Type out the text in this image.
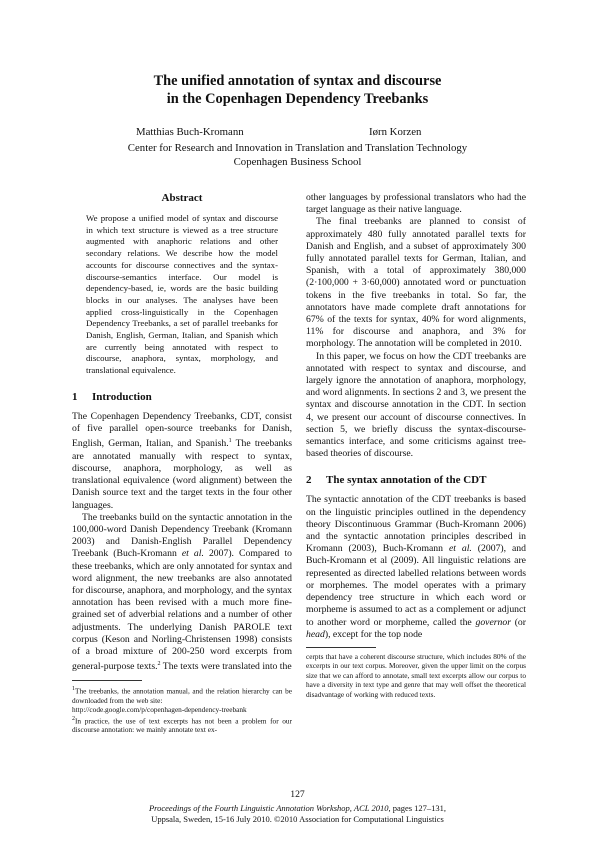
The unified annotation of syntax and discourse
in the Copenhagen Dependency Treebanks
Matthias Buch-Kromann	Iørn Korzen
Center for Research and Innovation in Translation and Translation Technology
Copenhagen Business School
Abstract

We propose a unified model of syntax and discourse in which text structure is viewed as a tree structure augmented with anaphoric relations and other secondary relations. We describe how the model accounts for discourse connectives and the syntax-discourse-semantics interface. Our model is dependency-based, ie, words are the basic building blocks in our analyses. The analyses have been applied cross-linguistically in the Copenhagen Dependency Treebanks, a set of parallel treebanks for Danish, English, German, Italian, and Spanish which are currently being annotated with respect to discourse, anaphora, syntax, morphology, and translational equivalence.

1 Introduction

The Copenhagen Dependency Treebanks, CDT, consist of five parallel open-source treebanks for Danish, English, German, Italian, and Spanish.$^1$ The treebanks are annotated manually with respect to syntax, discourse, anaphora, morphology, as well as translational equivalence (word alignment) between the Danish source text and the target texts in the four other languages.

The treebanks build on the syntactic annotation in the 100,000-word Danish Dependency Treebank (Kromann 2003) and Danish-English Parallel Dependency Treebank (Buch-Kromann et al. 2007). Compared to these treebanks, which are only annotated for syntax and word alignment, the new treebanks are also annotated for discourse, anaphora, and morphology, and the syntax annotation has been revised with a much more fine-grained set of adverbial relations and a number of other adjustments. The underlying Danish PAROLE text corpus (Keson and Norling-Christensen 1998) consists of a broad mixture of 200-250 word excerpts from general-purpose texts.$^2$ The texts were translated into the

$^1$The treebanks, the annotation manual, and the relation hierarchy can be downloaded from the web site:
http://code.google.com/p/copenhagen-dependency-treebank

$^2$In practice, the use of text excerpts has not been a problem for our discourse annotation: we mainly annotate text ex-

other languages by professional translators who had the target language as their native language.

The final treebanks are planned to consist of approximately 480 fully annotated parallel texts for Danish and English, and a subset of approximately 300 fully annotated parallel texts for German, Italian, and Spanish, with a total of approximately 380,000 (2·100,000 + 3·60,000) annotated word or punctuation tokens in the five treebanks in total. So far, the annotators have made complete draft annotations for 67% of the texts for syntax, 40% for word alignments, 11% for discourse and anaphora, and 3% for morphology. The annotation will be completed in 2010.

In this paper, we focus on how the CDT treebanks are annotated with respect to syntax and discourse, and largely ignore the annotation of anaphora, morphology, and word alignments. In sections 2 and 3, we present the syntax and discourse annotation in the CDT. In section 4, we present our account of discourse connectives. In section 5, we briefly discuss the syntax-discourse-semantics interface, and some criticisms against tree-based theories of discourse.

2 The syntax annotation of the CDT

The syntactic annotation of the CDT treebanks is based on the linguistic principles outlined in the dependency theory Discontinuous Grammar (Buch-Kromann 2006) and the syntactic annotation principles described in Kromann (2003), Buch-Kromann et al. (2007), and Buch-Kromann et al (2009). All linguistic relations are represented as directed labelled relations between words or morphemes. The model operates with a primary dependency tree structure in which each word or morpheme is assumed to act as a complement or adjunct to another word or morpheme, called the governor (or head), except for the top node

cerpts that have a coherent discourse structure, which includes 80% of the excerpts in our text corpus. Moreover, given the upper limit on the corpus size that we can afford to annotate, small text excerpts allow our corpus to have a diversity in text type and genre that may well offset the theoretical disadvantage of working with reduced texts.

127
Proceedings of the Fourth Linguistic Annotation Workshop, ACL 2010, pages 127–131,
Uppsala, Sweden, 15-16 July 2010. ©2010 Association for Computational Linguistics
